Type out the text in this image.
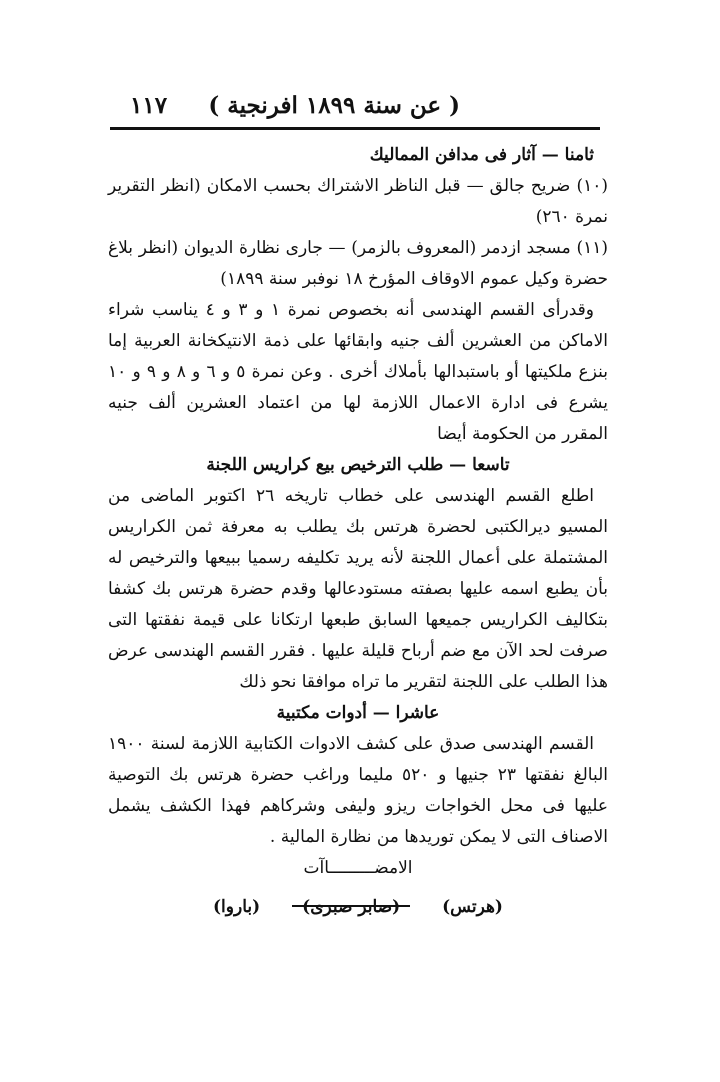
( عن سنة ١٨٩٩ افرنجية )
١١٧

ثامنا — آثار فى مدافن المماليك

(١٠) ضريح جالق — قبل الناظر الاشتراك بحسب الامكان (انظر التقرير نمرة ٢٦٠)

(١١) مسجد ازدمر (المعروف بالزمر) — جارى نظارة الديوان (انظر بلاغ حضرة وكيل عموم الاوقاف المؤرخ ١٨ نوفبر سنة ١٨٩٩)

وقدرأى القسم الهندسى أنه بخصوص نمرة ١ و ٣ و ٤ يناسب شراء الاماكن من العشرين ألف جنيه وابقائها على ذمة الانتيكخانة العربية إما بنزع ملكيتها أو باستبدالها بأملاك أخرى . وعن نمرة ٥ و ٦ و ٨ و ٩ و ١٠ يشرع فى ادارة الاعمال اللازمة لها من اعتماد العشرين ألف جنيه المقرر من الحكومة أيضا

تاسعا — طلب الترخيص بيع كراريس اللجنة

اطلع القسم الهندسى على خطاب تاريخه ٢٦ اكتوبر الماضى من المسيو ديرالكتبى لحضرة هرتس بك يطلب به معرفة ثمن الكراريس المشتملة على أعمال اللجنة لأنه يريد تكليفه رسميا ببيعها والترخيص له بأن يطبع اسمه عليها بصفته مستودعالها وقدم حضرة هرتس بك كشفا بتكاليف الكراريس جميعها السابق طبعها ارتكانا على قيمة نفقتها التى صرفت لحد الآن مع ضم أرباح قليلة عليها . فقرر القسم الهندسى عرض هذا الطلب على اللجنة لتقرير ما تراه موافقا نحو ذلك

عاشرا — أدوات مكتبية

القسم الهندسى صدق على كشف الادوات الكتابية اللازمة لسنة ١٩٠٠ البالغ نفقتها ٢٣ جنيها و ٥٢٠ مليما وراغب حضرة هرتس بك التوصية عليها فى محل الخواجات ريزو وليفى وشركاهم فهذا الكشف يشمل الاصناف التى لا يمكن توريدها من نظارة المالية .

الامضـــــــــاآت

(هرتس)
(صابر صبرى)
(باروا)
